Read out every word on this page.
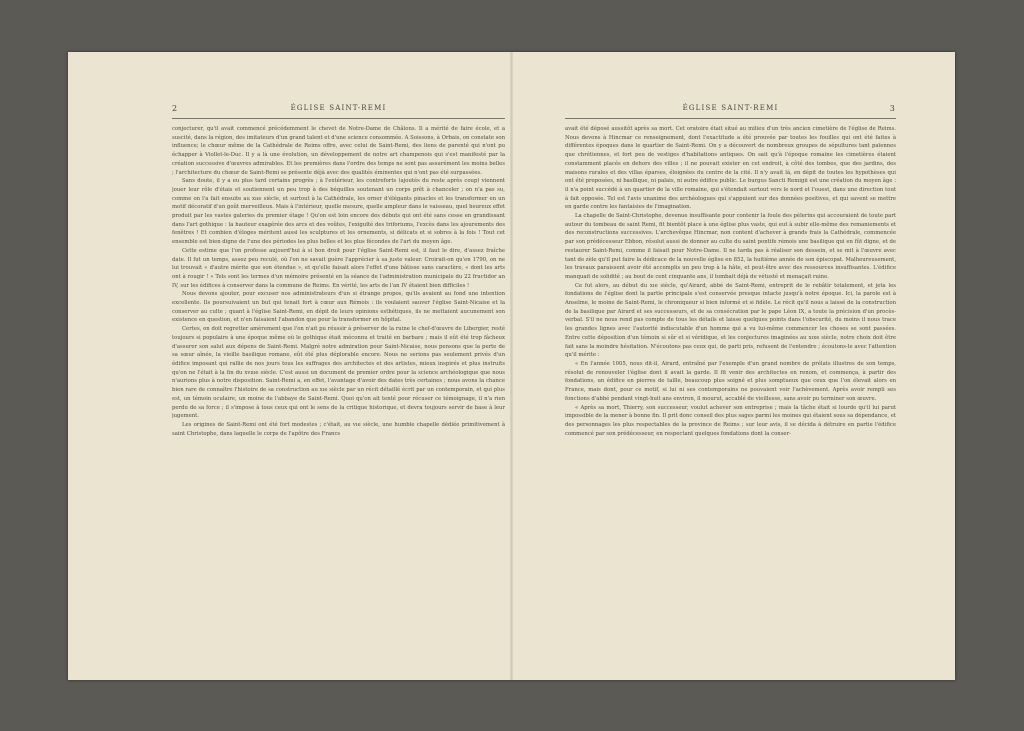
2	ÉGLISE SAINT-REMI

conjecturer, qu'il avait commencé précédemment le chevet de Notre-Dame de Châlons. Il a mérité de faire école, et a suscité, dans la région, des imitateurs d'un grand talent et d'une science consommée. A Soissons, à Orbais, on constate son influence; le chœur même de la Cathédrale de Reims offre, avec celui de Saint-Remi, des liens de parenté qui n'ont pu échapper à Viollet-le-Duc. Il y a là une évolution, un développement de notre art champenois qui s'est manifesté par la création successive d'œuvres admirables. Et les premières dans l'ordre des temps ne sont pas assurément les moins belles ; l'architecture du chœur de Saint-Remi se présente déjà avec des qualités éminentes qui n'ont pas été surpassées.

Sans doute, il y a eu plus tard certains progrès ; à l'extérieur, les contreforts (ajoutés du reste après coup) viennent jouer leur rôle d'étais et soutiennent un peu trop à des béquilles soutenant un corps prêt à chanceler ; on n'a pas su, comme on l'a fait ensuite au xııe siècle, et surtout à la Cathédrale, les orner d'élégants pinacles et les transformer en un motif décoratif d'un goût merveilleux. Mais à l'intérieur, quelle mesure, quelle ampleur dans le vaisseau, quel heureux effet produit par les vastes galeries du premier étage ! Qu'on est loin encore des débuts qui ont été sans cesse en grandissant dans l'art gothique : la hauteur exagérée des arcs et des voûtes, l'exiguïté des triforiums, l'excès dans les ajourements des fenêtres ! Et combien d'éloges méritent aussi les sculptures et les ornements, si délicats et si sobres à la fois ! Tout cet ensemble est bien digne de l'une des périodes les plus belles et les plus fécondes de l'art du moyen âge.

Cette estime que l'on professe aujourd'hui à si bon droit pour l'église Saint-Remi est, il faut le dire, d'assez fraîche date. Il fut un temps, assez peu reculé, où l'on ne savait guère l'apprécier à sa juste valeur. Croirait-on qu'en 1790, on ne lui trouvait « d'autre mérite que son étendue », et qu'elle faisait alors l'effet d'une bâtisse sans caractère, « dont les arts ont à rougir ! » Tels sont les termes d'un mémoire présenté en la séance de l'administration municipale du 22 fructidor an IV, sur les édifices à conserver dans la commune de Reims. En vérité, les arts de l'an IV étaient bien difficiles !

Nous devons ajouter, pour excuser nos administrateurs d'un si étrange propos, qu'ils avaient au fond une intention excellente. Ils poursuivaient un but qui tenait fort à cœur aux Rémois : ils voulaient sauver l'église Saint-Nicaise et la conserver au culte ; quant à l'église Saint-Remi, en dépit de leurs opinions esthétiques, ils ne mettaient aucunement son existence en question, et n'en faisaient l'abandon que pour la transformer en hôpital.

Certes, on doit regretter amèrement que l'on n'ait pu réussir à préserver de la ruine le chef-d'œuvre de Libergier, resté toujours si populaire à une époque même où le gothique était méconnu et traité en barbare ; mais il eût été trop fâcheux d'assurer son salut aux dépens de Saint-Remi. Malgré notre admiration pour Saint-Nicaise, nous pensons que la perte de sa sœur aînée, la vieille basilique romane, eût été plus déplorable encore. Nous ne serions pas seulement privés d'un édifice imposant qui rallie de nos jours tous les suffrages des architectes et des artistes, mieux inspirés et plus instruits qu'on ne l'était à la fin du xvıııe siècle. C'est aussi un document de premier ordre pour la science archéologique que nous n'aurions plus à notre disposition. Saint-Remi a, en effet, l'avantage d'avoir des dates très certaines ; nous avons la chance bien rare de connaître l'histoire de sa construction au xıe siècle par un récit détaillé écrit par un contemporain, et qui plus est, un témoin oculaire, un moine de l'abbaye de Saint-Remi. Quoi qu'on ait tenté pour récuser ce témoignage, il n'a rien perdu de sa force ; il s'impose à tous ceux qui ont le sens de la critique historique, et devra toujours servir de base à leur jugement.

Les origines de Saint-Remi ont été fort modestes ; c'était, au vıe siècle, une humble chapelle dédiée primitivement à saint Christophe, dans laquelle le corps de l'apôtre des Francs

ÉGLISE SAINT-REMI	3

avait été déposé aussitôt après sa mort. Cet oratoire était situé au milieu d'un très ancien cimetière de l'église de Reims. Nous devons à Hincmar ce renseignement, dont l'exactitude a été prouvée par toutes les fouilles qui ont été faites à différentes époques dans le quartier de Saint-Remi. On y a découvert de nombreux groupes de sépultures tant païennes que chrétiennes, et fort peu de vestiges d'habitations antiques. On sait qu'à l'époque romaine les cimetières étaient constamment placés en dehors des villes ; il ne pouvait exister en cet endroit, à côté des tombes, que des jardins, des maisons rurales et des villas éparses, éloignées du centre de la cité. Il n'y avait là, en dépit de toutes les hypothèses qui ont été proposées, ni basilique, ni palais, ni autre édifice public. Le burgus Sancti Remigii est une création du moyen âge : il n'a point succédé à un quartier de la ville romaine, qui s'étendait surtout vers le nord et l'ouest, dans une direction tout à fait opposée. Tel est l'avis unanime des archéologues qui s'appuient sur des données positives, et qui savent se mettre en garde contre les fantaisies de l'imagination.

La chapelle de Saint-Christophe, devenue insuffisante pour contenir la foule des pèlerins qui accouraient de toute part autour du tombeau de saint Remi, fit bientôt place à une église plus vaste, qui eut à subir elle-même des remaniements et des reconstructions successives. L'archevêque Hincmar, non content d'achever à grands frais la Cathédrale, commencée par son prédécesseur Ebbon, résolut aussi de donner au culte du saint pontife rémois une basilique qui en fût digne, et de restaurer Saint-Remi, comme il faisait pour Notre-Dame. Il ne tarda pas à réaliser son dessein, et se mit à l'œuvre avec tant de zèle qu'il put faire la dédicace de la nouvelle église en 852, la huitième année de son épiscopat. Malheureusement, les travaux paraissent avoir été accomplis un peu trop à la hâte, et peut-être avec des ressources insuffisantes. L'édifice manquait de solidité ; au bout de cent cinquante ans, il tombait déjà de vétusté et menaçait ruine.

Ce fut alors, au début du xıe siècle, qu'Airard, abbé de Saint-Remi, entreprit de le rebâtir totalement, et jeta les fondations de l'église dont la partie principale s'est conservée presque intacte jusqu'à notre époque. Ici, la parole est à Anselme, le moine de Saint-Remi, le chroniqueur si bien informé et si fidèle. Le récit qu'il nous a laissé de la construction de la basilique par Airard et ses successeurs, et de sa consécration par le pape Léon IX, a toute la précision d'un procès-verbal. S'il ne nous rend pas compte de tous les détails et laisse quelques points dans l'obscurité, du moins il nous trace les grandes lignes avec l'autorité indiscutable d'un homme qui a vu lui-même commencer les choses se sont passées. Entre cette déposition d'un témoin si sûr et si véridique, et les conjectures imaginées au xıxe siècle, notre choix doit être fait sans la moindre hésitation. N'écoutons pas ceux qui, de parti pris, refusent de l'entendre ; écoutons-le avec l'attention qu'il mérite :

« En l'année 1005, nous dit-il, Airard, entraîné par l'exemple d'un grand nombre de prélats illustres de son temps, résolut de renouveler l'église dont il avait la garde. Il fit venir des architectes en renom, et commença, à partir des fondations, un édifice en pierres de taille, beaucoup plus soigné et plus somptueux que ceux que l'on élevait alors en France, mais dont, pour ce motif, si lui ni ses contemporains ne pouvaient voir l'achèvement. Après avoir rempli ses fonctions d'abbé pendant vingt-huit ans environ, il mourut, accablé de vieillesse, sans avoir pu terminer son œuvre.

« Après sa mort, Thierry, son successeur, voulut achever son entreprise ; mais la tâche était si lourde qu'il lui parut impossible de la mener à bonne fin. Il prit donc conseil des plus sages parmi les moines qui étaient sous sa dépendance, et des personnages les plus respectables de la province de Reims ; sur leur avis, il se décida à détruire en partie l'édifice commencé par son prédécesseur, en respectant quelques fondations dont la conser-
